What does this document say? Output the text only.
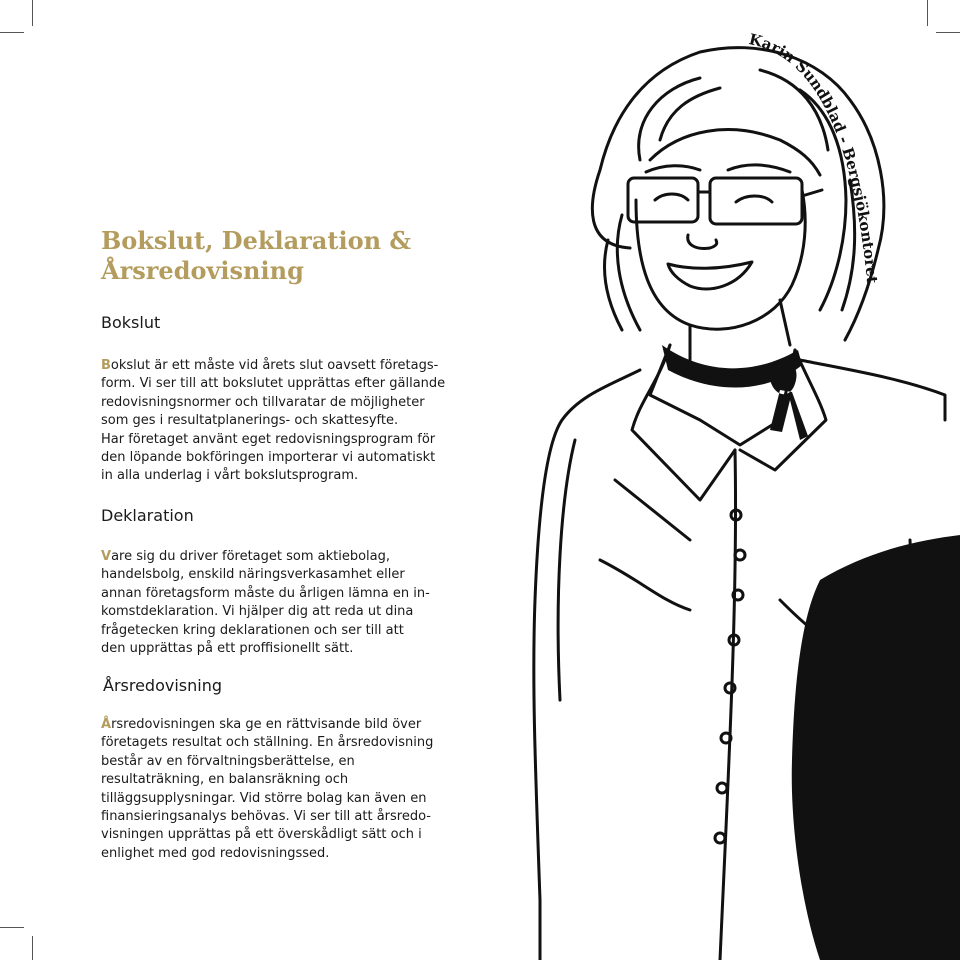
Bokslut, Deklaration &
Årsredovisning
Bokslut

Bokslut är ett måste vid årets slut oavsett företags-
form. Vi ser till att bokslutet upprättas efter gällande
redovisningsnormer och tillvaratar de möjligheter
som ges i resultatplanerings- och skattesyfte.
Har företaget använt eget redovisningsprogram för
den löpande bokföringen importerar vi automatiskt
in alla underlag i vårt bokslutsprogram.

Deklaration

Vare sig du driver företaget som aktiebolag,
handelsbolg, enskild näringsverkasamhet eller
annan företagsform måste du årligen lämna en in-
komstdeklaration. Vi hjälper dig att reda ut dina
frågetecken kring deklarationen och ser till att
den upprättas på ett proffisionellt sätt.

Årsredovisning

Årsredovisningen ska ge en rättvisande bild över
företagets resultat och ställning. En årsredovisning
består av en förvaltningsberättelse, en
resultaträkning, en balansräkning och
tilläggsupplysningar. Vid större bolag kan även en
finansieringsanalys behövas. Vi ser till att årsredo-
visningen upprättas på ett överskådligt sätt och i
enlighet med god redovisningssed.

Karin Sundblad - Bergsjökontoret
